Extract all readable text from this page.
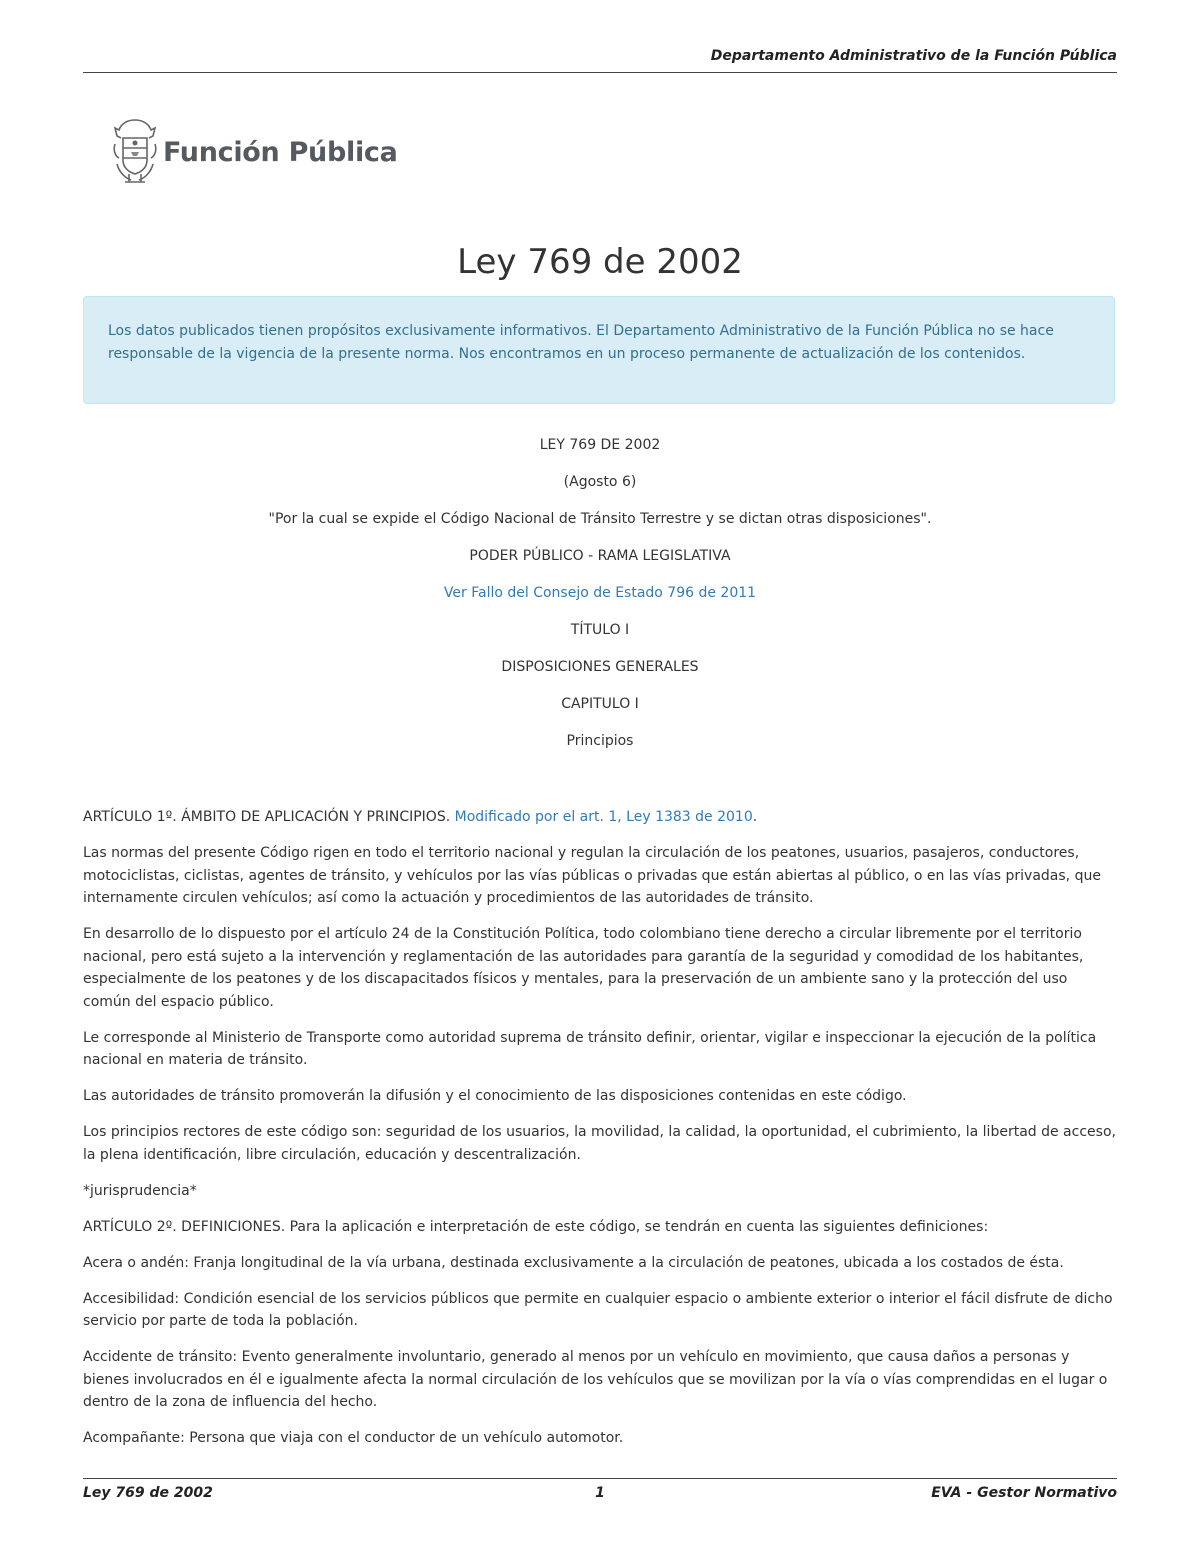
Departamento Administrativo de la Función Pública
Función Pública
Ley 769 de 2002
Los datos publicados tienen propósitos exclusivamente informativos. El Departamento Administrativo de la Función Pública no se hace responsable de la vigencia de la presente norma. Nos encontramos en un proceso permanente de actualización de los contenidos.

LEY 769 DE 2002

(Agosto 6)

"Por la cual se expide el Código Nacional de Tránsito Terrestre y se dictan otras disposiciones".

PODER PÚBLICO - RAMA LEGISLATIVA

Ver Fallo del Consejo de Estado 796 de 2011

TÍTULO I

DISPOSICIONES GENERALES

CAPITULO I

Principios

ARTÍCULO 1º. ÁMBITO DE APLICACIÓN Y PRINCIPIOS. Modificado por el art. 1, Ley 1383 de 2010.

Las normas del presente Código rigen en todo el territorio nacional y regulan la circulación de los peatones, usuarios, pasajeros, conductores, motociclistas, ciclistas, agentes de tránsito, y vehículos por las vías públicas o privadas que están abiertas al público, o en las vías privadas, que internamente circulen vehículos; así como la actuación y procedimientos de las autoridades de tránsito.

En desarrollo de lo dispuesto por el artículo 24 de la Constitución Política, todo colombiano tiene derecho a circular libremente por el territorio nacional, pero está sujeto a la intervención y reglamentación de las autoridades para garantía de la seguridad y comodidad de los habitantes, especialmente de los peatones y de los discapacitados físicos y mentales, para la preservación de un ambiente sano y la protección del uso común del espacio público.

Le corresponde al Ministerio de Transporte como autoridad suprema de tránsito definir, orientar, vigilar e inspeccionar la ejecución de la política nacional en materia de tránsito.

Las autoridades de tránsito promoverán la difusión y el conocimiento de las disposiciones contenidas en este código.

Los principios rectores de este código son: seguridad de los usuarios, la movilidad, la calidad, la oportunidad, el cubrimiento, la libertad de acceso, la plena identificación, libre circulación, educación y descentralización.

*jurisprudencia*

ARTÍCULO 2º. DEFINICIONES. Para la aplicación e interpretación de este código, se tendrán en cuenta las siguientes definiciones:

Acera o andén: Franja longitudinal de la vía urbana, destinada exclusivamente a la circulación de peatones, ubicada a los costados de ésta.

Accesibilidad: Condición esencial de los servicios públicos que permite en cualquier espacio o ambiente exterior o interior el fácil disfrute de dicho servicio por parte de toda la población.

Accidente de tránsito: Evento generalmente involuntario, generado al menos por un vehículo en movimiento, que causa daños a personas y bienes involucrados en él e igualmente afecta la normal circulación de los vehículos que se movilizan por la vía o vías comprendidas en el lugar o dentro de la zona de influencia del hecho.

Acompañante: Persona que viaja con el conductor de un vehículo automotor.

Ley 769 de 2002	1	EVA - Gestor Normativo
